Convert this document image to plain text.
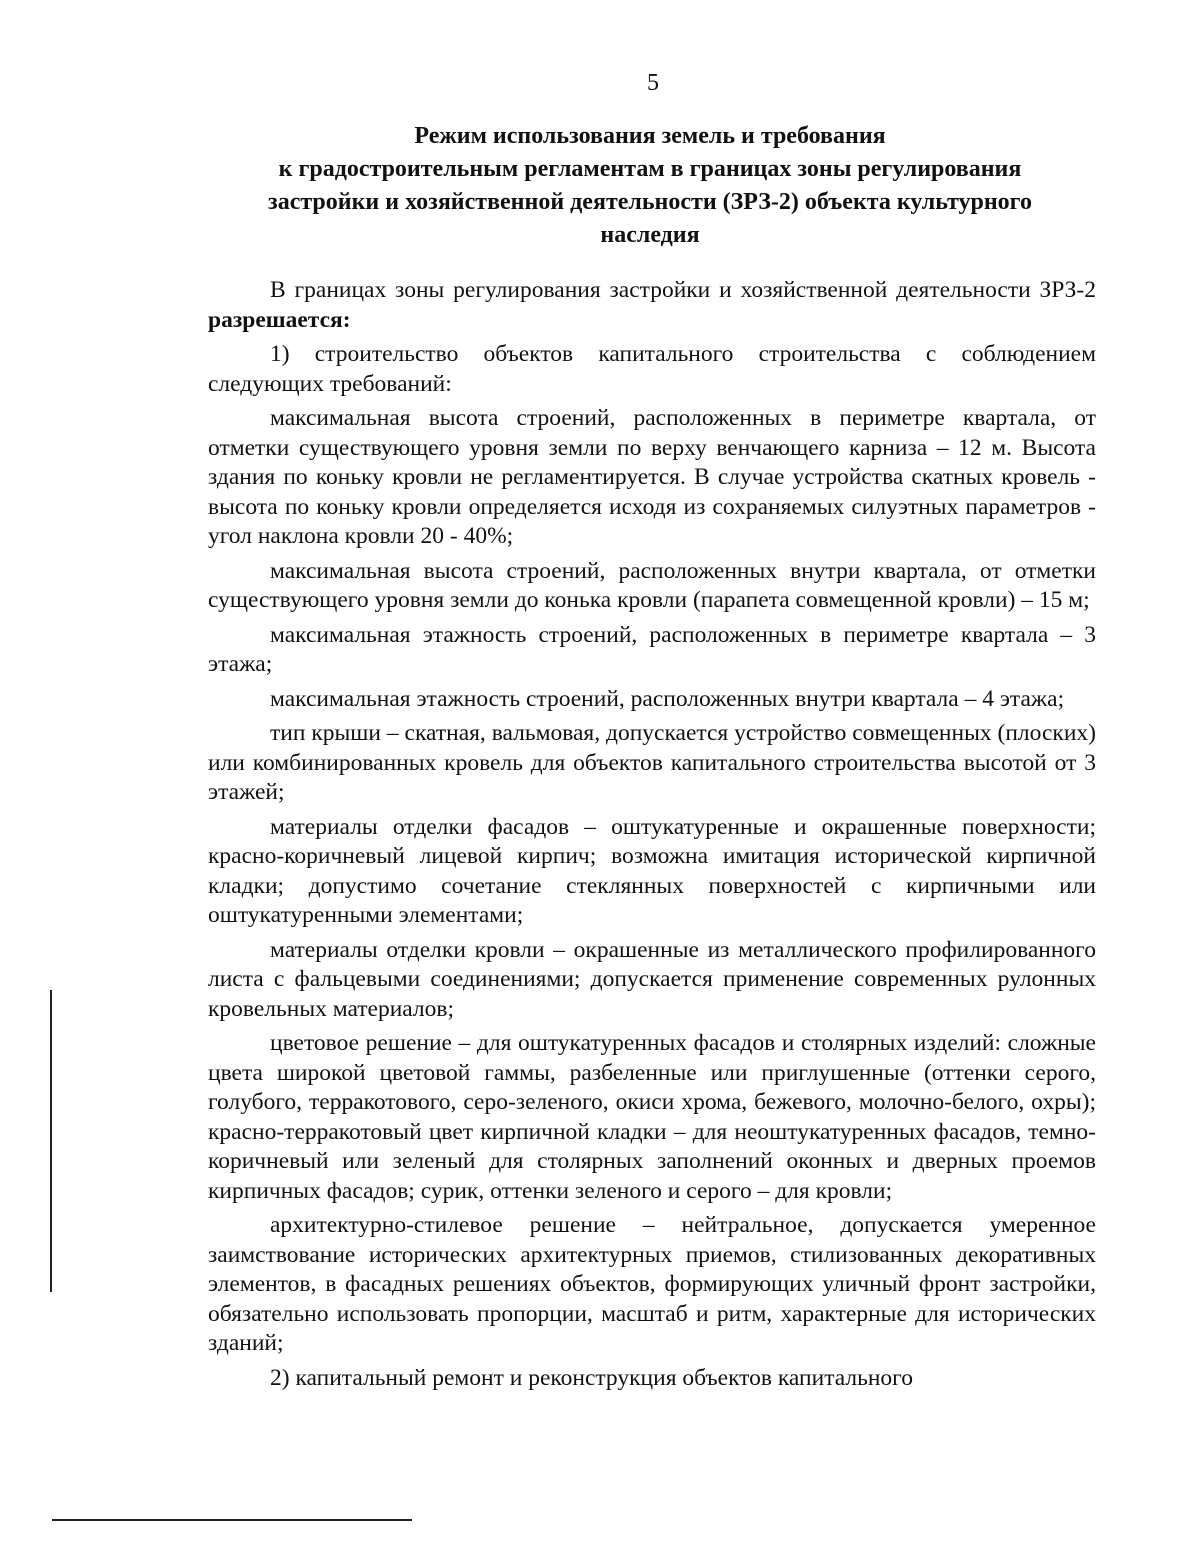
5
Режим использования земель и требования
к градостроительным регламентам в границах зоны регулирования
застройки и хозяйственной деятельности (ЗРЗ-2) объекта культурного
наследия

В границах зоны регулирования застройки и хозяйственной деятельности ЗРЗ-2 разрешается:

1) строительство объектов капитального строительства с соблюдением следующих требований:

максимальная высота строений, расположенных в периметре квартала, от отметки существующего уровня земли по верху венчающего карниза – 12 м. Высота здания по коньку кровли не регламентируется. В случае устройства скатных кровель - высота по коньку кровли определяется исходя из сохраняемых силуэтных параметров - угол наклона кровли 20 - 40%;

максимальная высота строений, расположенных внутри квартала, от отметки существующего уровня земли до конька кровли (парапета совмещенной кровли) – 15 м;

максимальная этажность строений, расположенных в периметре квартала – 3 этажа;

максимальная этажность строений, расположенных внутри квартала – 4 этажа;

тип крыши – скатная, вальмовая, допускается устройство совмещенных (плоских) или комбинированных кровель для объектов капитального строительства высотой от 3 этажей;

материалы отделки фасадов – оштукатуренные и окрашенные поверхности; красно-коричневый лицевой кирпич; возможна имитация исторической кирпичной кладки; допустимо сочетание стеклянных поверхностей с кирпичными или оштукатуренными элементами;

материалы отделки кровли – окрашенные из металлического профилированного листа с фальцевыми соединениями; допускается применение современных рулонных кровельных материалов;

цветовое решение – для оштукатуренных фасадов и столярных изделий: сложные цвета широкой цветовой гаммы, разбеленные или приглушенные (оттенки серого, голубого, терракотового, серо-зеленого, окиси хрома, бежевого, молочно-белого, охры); красно-терракотовый цвет кирпичной кладки – для неоштукатуренных фасадов, темно-коричневый или зеленый для столярных заполнений оконных и дверных проемов кирпичных фасадов; сурик, оттенки зеленого и серого – для кровли;

архитектурно-стилевое решение – нейтральное, допускается умеренное заимствование исторических архитектурных приемов, стилизованных декоративных элементов, в фасадных решениях объектов, формирующих уличный фронт застройки, обязательно использовать пропорции, масштаб и ритм, характерные для исторических зданий;

2) капитальный ремонт и реконструкция объектов капитального
